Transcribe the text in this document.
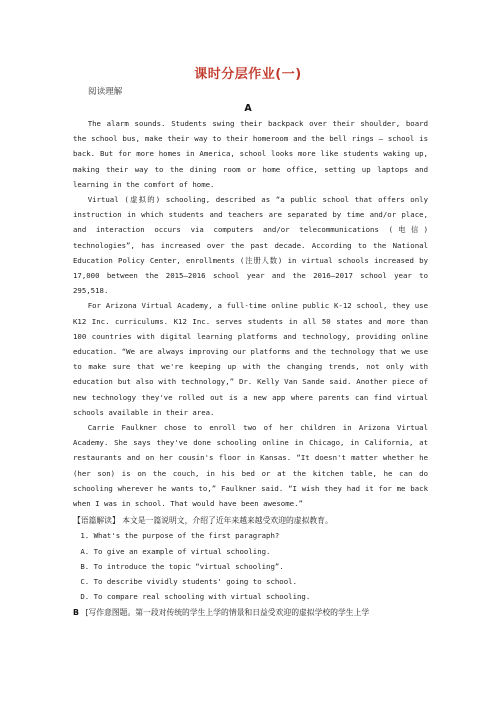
课时分层作业(一)
阅读理解
A

The alarm sounds. Students swing their backpack over their shoulder, board the school bus, make their way to their homeroom and the bell rings — school is back. But for more homes in America, school looks more like students waking up, making their way to the dining room or home office, setting up laptops and learning in the comfort of home.

Virtual (虚拟的) schooling, described as “a public school that offers only instruction in which students and teachers are separated by time and/or place, and interaction occurs via computers and/or telecommunications (电信) technologies”, has increased over the past decade. According to the National Education Policy Center, enrollments (注册人数) in virtual schools increased by 17,000 between the 2015—2016 school year and the 2016—2017 school year to 295,518.

For Arizona Virtual Academy, a full-time online public K-12 school, they use K12 Inc. curriculums. K12 Inc. serves students in all 50 states and more than 100 countries with digital learning platforms and technology, providing online education. “We are always improving our platforms and the technology that we use to make sure that we're keeping up with the changing trends, not only with education but also with technology,” Dr. Kelly Van Sande said. Another piece of new technology they've rolled out is a new app where parents can find virtual schools available in their area.

Carrie Faulkner chose to enroll two of her children in Arizona Virtual Academy. She says they've done schooling online in Chicago, in California, at restaurants and on her cousin's floor in Kansas. “It doesn't matter whether he (her son) is on the couch, in his bed or at the kitchen table, he can do schooling wherever he wants to,” Faulkner said. “I wish they had it for me back when I was in school. That would have been awesome.”

【语篇解读】 本文是一篇说明文，介绍了近年来越来越受欢迎的虚拟教育。
1. What's the purpose of the first paragraph?
A. To give an example of virtual schooling.
B. To introduce the topic “virtual schooling”.
C. To describe vividly students' going to school.
D. To compare real schooling with virtual schooling.
B [写作意图题。第一段对传统的学生上学的情景和日益受欢迎的虚拟学校的学生上学
